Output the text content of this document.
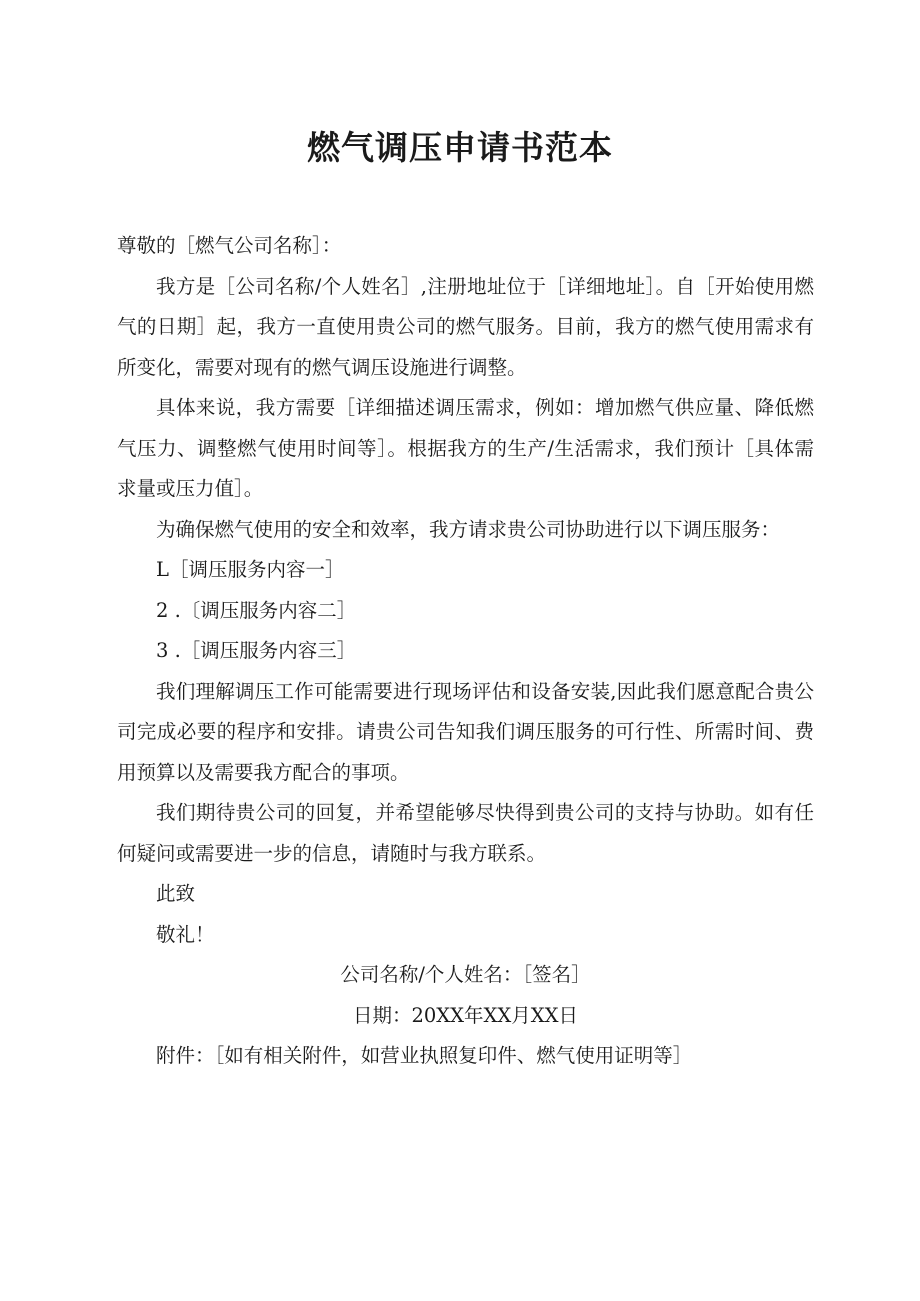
燃气调压申请书范本

尊敬的［燃气公司名称］：

我方是［公司名称/个人姓名］,注册地址位于［详细地址］。自［开始使用燃气的日期］起，我方一直使用贵公司的燃气服务。目前，我方的燃气使用需求有所变化，需要对现有的燃气调压设施进行调整。

具体来说，我方需要［详细描述调压需求，例如：增加燃气供应量、降低燃气压力、调整燃气使用时间等］。根据我方的生产/生活需求，我们预计［具体需求量或压力值］。

为确保燃气使用的安全和效率，我方请求贵公司协助进行以下调压服务：

L［调压服务内容一］

2 .〔调压服务内容二］

3 .［调压服务内容三］

我们理解调压工作可能需要进行现场评估和设备安装,因此我们愿意配合贵公司完成必要的程序和安排。请贵公司告知我们调压服务的可行性、所需时间、费用预算以及需要我方配合的事项。

我们期待贵公司的回复，并希望能够尽快得到贵公司的支持与协助。如有任何疑问或需要进一步的信息，请随时与我方联系。

此致

敬礼！

公司名称/个人姓名：［签名］

日期：20XX年XX月XX日

附件：［如有相关附件，如营业执照复印件、燃气使用证明等］
